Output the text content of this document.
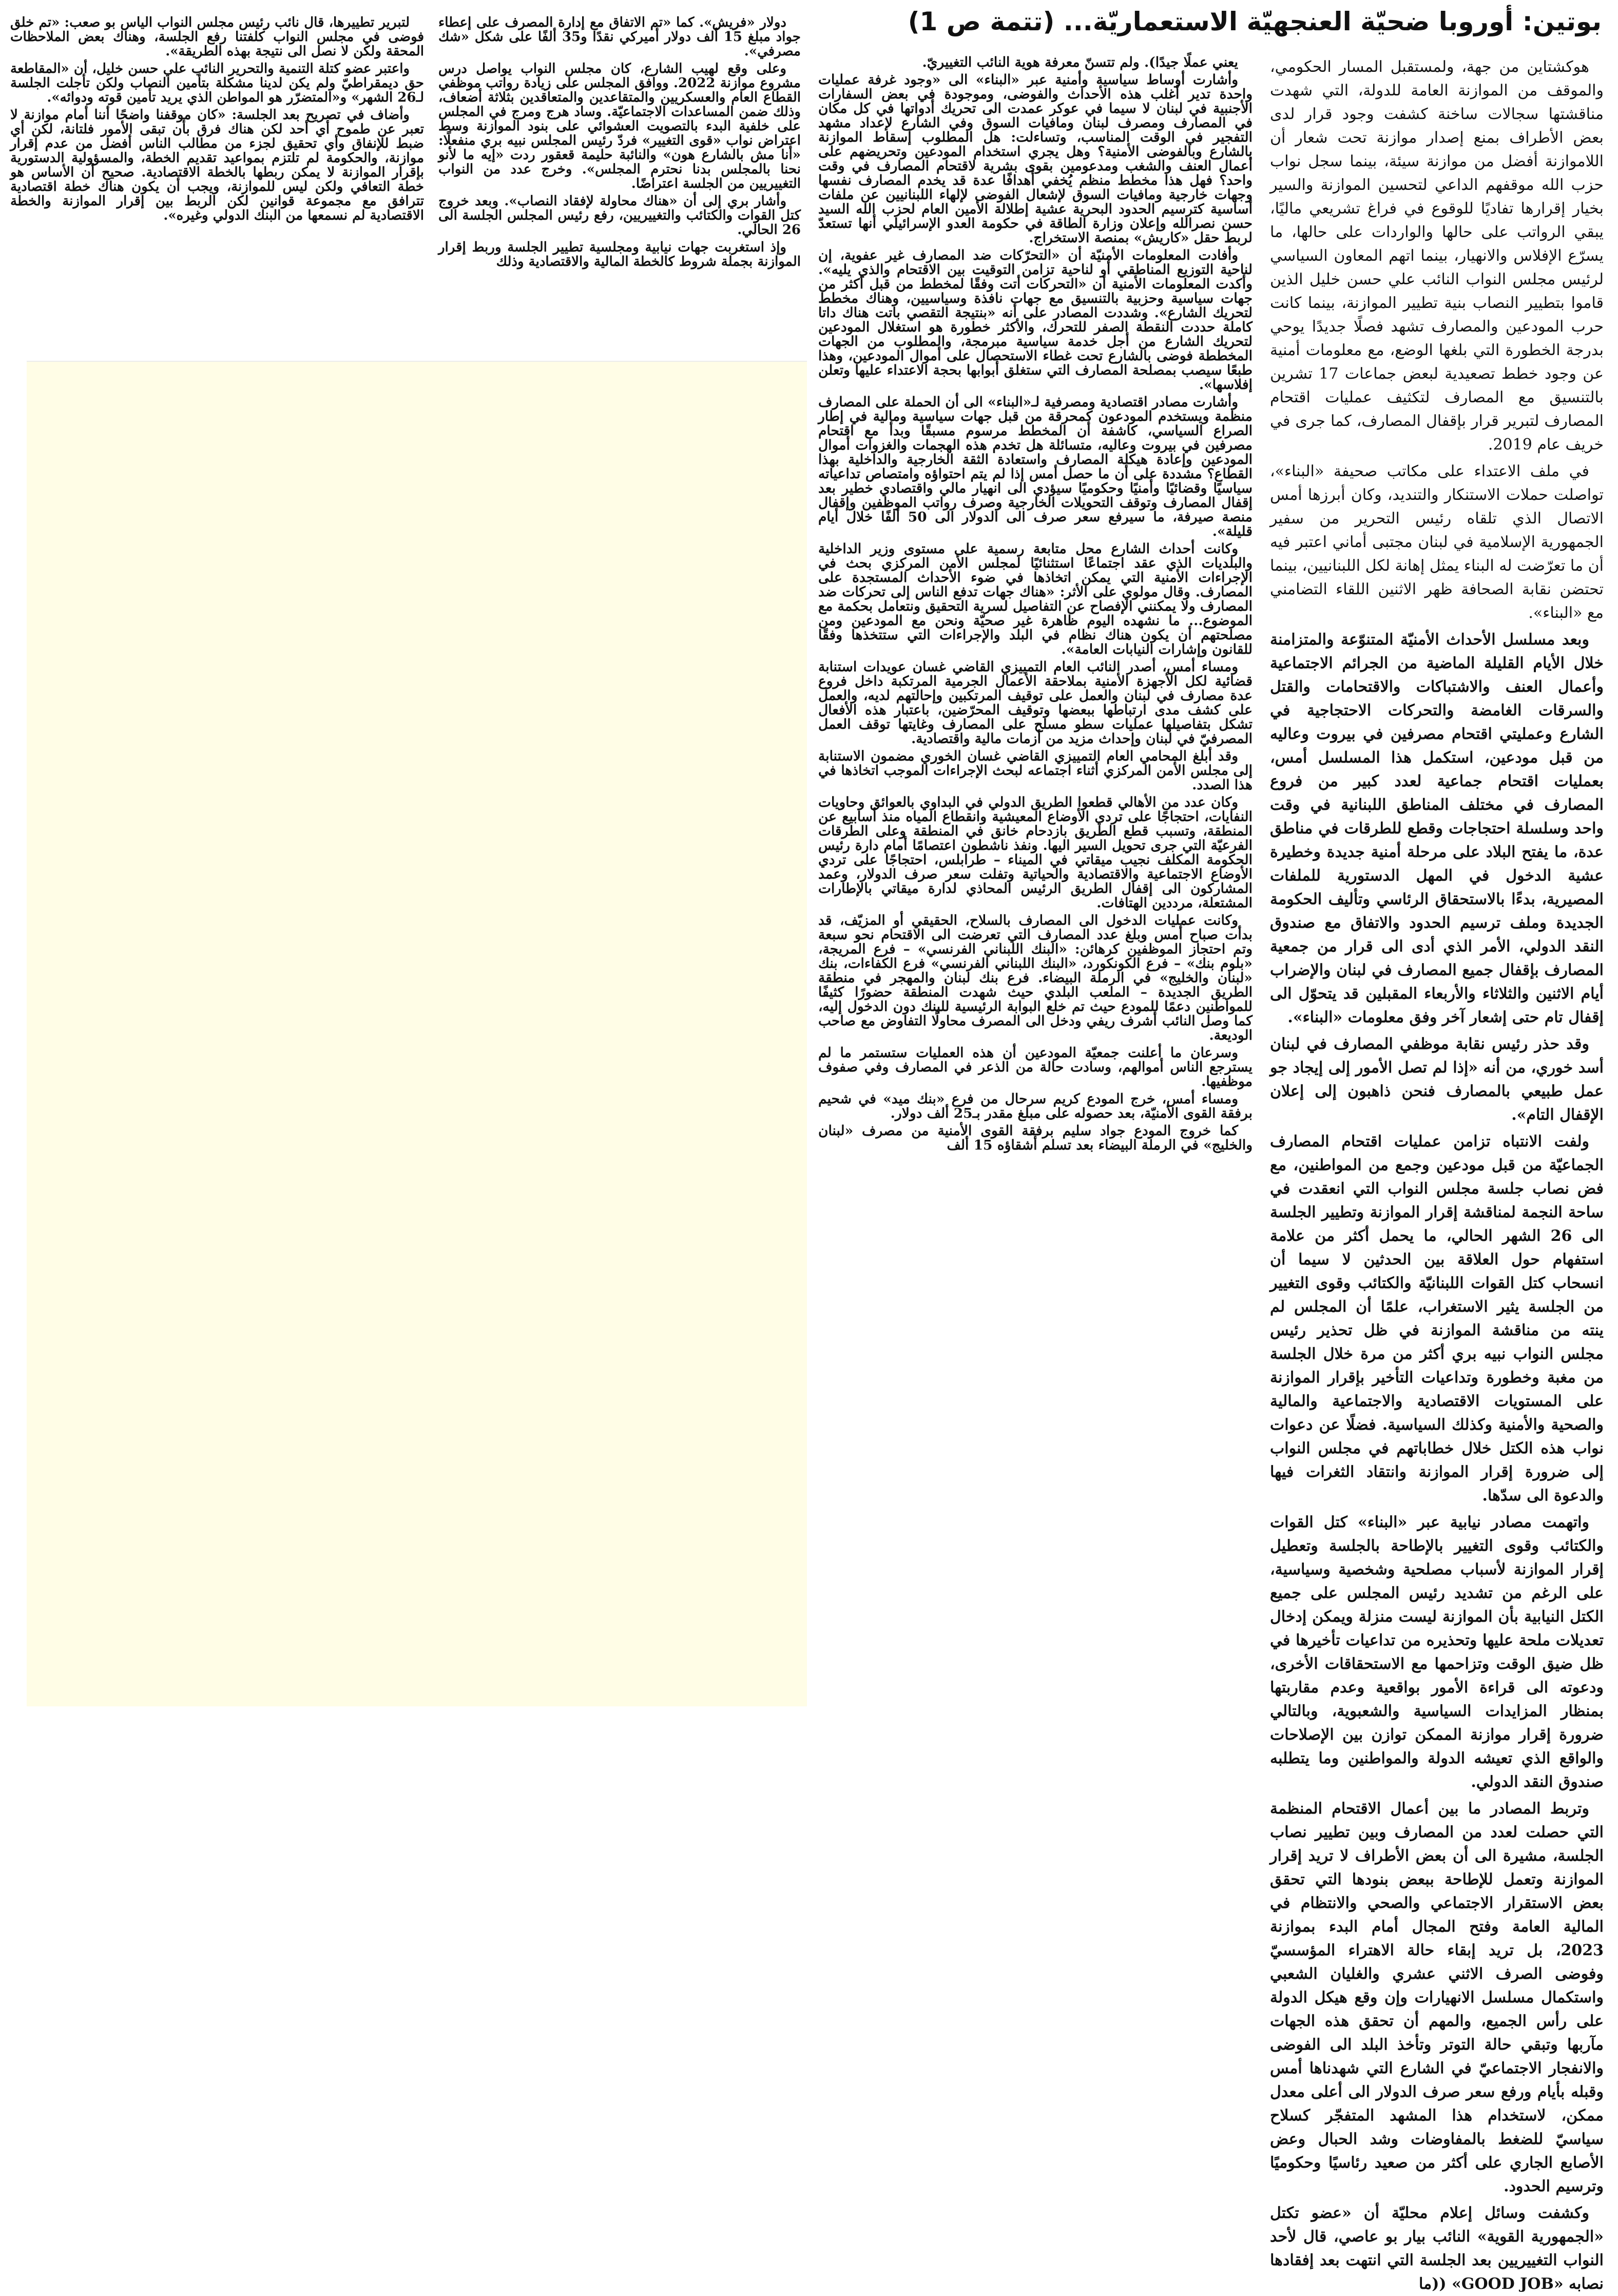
بوتين: أوروبا ضحيّة العنجهيّة الاستعماريّة... (تتمة ص 1)

هوكشتاين من جهة، ولمستقبل المسار الحكومي، والموقف من الموازنة العامة للدولة، التي شهدت مناقشتها سجالات ساخنة كشفت وجود قرار لدى بعض الأطراف بمنع إصدار موازنة تحت شعار أن اللاموازنة أفضل من موازنة سيئة، بينما سجل نواب حزب الله موقفهم الداعي لتحسين الموازنة والسير بخيار إقرارها تفاديًا للوقوع في فراغ تشريعي ماليًا، يبقي الرواتب على حالها والواردات على حالها، ما يسرّع الإفلاس والانهيار، بينما اتهم المعاون السياسي لرئيس مجلس النواب النائب علي حسن خليل الذين قاموا بتطيير النصاب بنية تطيير الموازنة، بينما كانت حرب المودعين والمصارف تشهد فصلًا جديدًا يوحي بدرجة الخطورة التي بلغها الوضع، مع معلومات أمنية عن وجود خطط تصعيدية لبعض جماعات 17 تشرين بالتنسيق مع المصارف لتكثيف عمليات اقتحام المصارف لتبرير قرار بإقفال المصارف، كما جرى في خريف عام 2019.

في ملف الاعتداء على مكاتب صحيفة «البناء»، تواصلت حملات الاستنكار والتنديد، وكان أبرزها أمس الاتصال الذي تلقاه رئيس التحرير من سفير الجمهورية الإسلامية في لبنان مجتبى أماني اعتبر فيه أن ما تعرّضت له البناء يمثل إهانة لكل اللبنانيين، بينما تحتضن نقابة الصحافة ظهر الاثنين اللقاء التضامني مع «البناء».

وبعد مسلسل الأحداث الأمنيّة المتنوّعة والمتزامنة خلال الأيام القليلة الماضية من الجرائم الاجتماعية وأعمال العنف والاشتباكات والاقتحامات والقتل والسرقات الغامضة والتحركات الاحتجاجية في الشارع وعمليتي اقتحام مصرفين في بيروت وعاليه من قبل مودعين، استكمل هذا المسلسل أمس، بعمليات اقتحام جماعية لعدد كبير من فروع المصارف في مختلف المناطق اللبنانية في وقت واحد وسلسلة احتجاجات وقطع للطرقات في مناطق عدة، ما يفتح البلاد على مرحلة أمنية جديدة وخطيرة عشية الدخول في المهل الدستورية للملفات المصيرية، بدءًا بالاستحقاق الرئاسي وتأليف الحكومة الجديدة وملف ترسيم الحدود والاتفاق مع صندوق النقد الدولي، الأمر الذي أدى الى قرار من جمعية المصارف بإقفال جميع المصارف في لبنان والإضراب أيام الاثنين والثلاثاء والأربعاء المقبلين قد يتحوّل الى إقفال تام حتى إشعار آخر وفق معلومات «البناء».

وقد حذر رئيس نقابة موظفي المصارف في لبنان أسد خوري، من أنه «إذا لم تصل الأمور إلى إيجاد جو عمل طبيعي بالمصارف فنحن ذاهبون إلى إعلان الإقفال التام».

ولفت الانتباه تزامن عمليات اقتحام المصارف الجماعيّة من قبل مودعين وجمع من المواطنين، مع فض نصاب جلسة مجلس النواب التي انعقدت في ساحة النجمة لمناقشة إقرار الموازنة وتطيير الجلسة الى 26 الشهر الحالي، ما يحمل أكثر من علامة استفهام حول العلاقة بين الحدثين لا سيما أن انسحاب كتل القوات اللبنانيّة والكتائب وقوى التغيير من الجلسة يثير الاستغراب، علمًا أن المجلس لم ينته من مناقشة الموازنة في ظل تحذير رئيس مجلس النواب نبيه بري أكثر من مرة خلال الجلسة من مغبة وخطورة وتداعيات التأخير بإقرار الموازنة على المستويات الاقتصادية والاجتماعية والمالية والصحية والأمنية وكذلك السياسية. فضلًا عن دعوات نواب هذه الكتل خلال خطاباتهم في مجلس النواب إلى ضرورة إقرار الموازنة وانتقاد الثغرات فيها والدعوة الى سدّها.

واتهمت مصادر نيابية عبر «البناء» كتل القوات والكتائب وقوى التغيير بالإطاحة بالجلسة وتعطيل إقرار الموازنة لأسباب مصلحية وشخصية وسياسية، على الرغم من تشديد رئيس المجلس على جميع الكتل النيابية بأن الموازنة ليست منزلة ويمكن إدخال تعديلات ملحة عليها وتحذيره من تداعيات تأخيرها في ظل ضيق الوقت وتزاحمها مع الاستحقاقات الأخرى، ودعوته الى قراءة الأمور بواقعية وعدم مقاربتها بمنظار المزايدات السياسية والشعبوية، وبالتالي ضرورة إقرار موازنة الممكن توازن بين الإصلاحات والواقع الذي تعيشه الدولة والمواطنين وما يتطلبه صندوق النقد الدولي.

وتربط المصادر ما بين أعمال الاقتحام المنظمة التي حصلت لعدد من المصارف وبين تطيير نصاب الجلسة، مشيرة الى أن بعض الأطراف لا تريد إقرار الموازنة وتعمل للإطاحة ببعض بنودها التي تحقق بعض الاستقرار الاجتماعي والصحي والانتظام في المالية العامة وفتح المجال أمام البدء بموازنة 2023، بل تريد إبقاء حالة الاهتراء المؤسسيّ وفوضى الصرف الاثني عشري والغليان الشعبي واستكمال مسلسل الانهيارات وإن وقع هيكل الدولة على رأس الجميع، والمهم أن تحقق هذه الجهات مآربها وتبقي حالة التوتر وتأخذ البلد الى الفوضى والانفجار الاجتماعيّ في الشارع التي شهدناها أمس وقبله بأيام ورفع سعر صرف الدولار الى أعلى معدل ممكن، لاستخدام هذا المشهد المتفجّر كسلاح سياسيّ للضغط بالمفاوضات وشد الحبال وعض الأصابع الجاري على أكثر من صعيد رئاسيًا وحكوميًا وترسيم الحدود.

وكشفت وسائل إعلام محليّة أن «عضو تكتل «الجمهورية القوية» النائب بيار بو عاصي، قال لأحد النواب التغييريين بعد الجلسة التي انتهت بعد إفقادها نصابه «GOOD JOB» ((ما

يعني عملًا جيدًا). ولم تتسنّ معرفة هوية النائب التغييريّ.

وأشارت أوساط سياسية وأمنية عبر «البناء» الى «وجود غرفة عمليات واحدة تدير أغلب هذه الأحداث والفوضى، وموجودة في بعض السفارات الأجنبية في لبنان لا سيما في عوكر عمدت الى تحريك أدواتها في كل مكان في المصارف ومصرف لبنان ومافيات السوق وفي الشارع لإعداد مشهد التفجير في الوقت المناسب، وتساءلت: هل المطلوب إسقاط الموازنة بالشارع وبالفوضى الأمنية؟ وهل يجري استخدام المودعين وتحريضهم على أعمال العنف والشغب ومدعومين بقوى بشرية لاقتحام المصارف في وقت واحد؟ فهل هذا مخطط منظم يُخفي أهدافًا عدة قد يخدم المصارف نفسها وجهات خارجية ومافيات السوق لإشعال الفوضى لإلهاء اللبنانيين عن ملفات أساسية كترسيم الحدود البحرية عشية إطلالة الأمين العام لحزب الله السيد حسن نصرالله وإعلان وزارة الطاقة في حكومة العدو الإسرائيلي أنها تستعدّ لربط حقل «كاريش» بمنصة الاستخراج.

وأفادت المعلومات الأمنيّة أن «التحرّكات ضد المصارف غير عفوية، إن لناحية التوزيع المناطقي أو لناحية تزامن التوقيت بين الاقتحام والذي يليه». وأكدت المعلومات الأمنية أن «التحركات أتت وفقًا لمخطط من قبل أكثر من جهات سياسية وحزبية بالتنسيق مع جهات نافذة وسياسيين، وهناك مخطط لتحريك الشارع». وشددت المصادر على أنه «بنتيجة التقصي باتت هناك داتا كاملة حددت النقطة الصفر للتحرك، والأكثر خطورة هو استغلال المودعين لتحريك الشارع من أجل خدمة سياسية مبرمجة، والمطلوب من الجهات المخططة فوضى بالشارع تحت غطاء الاستحصال على أموال المودعين، وهذا طبعًا سيصب بمصلحة المصارف التي ستغلق أبوابها بحجة الاعتداء عليها وتعلن إفلاسها».

وأشارت مصادر اقتصادية ومصرفية لـ«البناء» الى أن الحملة على المصارف منظمة ويستخدم المودعون كمحرقة من قبل جهات سياسية ومالية في إطار الصراع السياسي، كاشفة أن المخطط مرسوم مسبقًا وبدأ مع اقتحام مصرفين في بيروت وعاليه، متسائلة هل تخدم هذه الهجمات والغزوات أموال المودعين وإعادة هيكلة المصارف واستعادة الثقة الخارجية والداخلية بهذا القطاع؟ مشددة على أن ما حصل أمس إذا لم يتم احتواؤه وامتصاص تداعياته سياسيًا وقضائيًا وأمنيًا وحكوميًا سيؤدي الى انهيار مالي واقتصادي خطير بعد إقفال المصارف وتوقف التحويلات الخارجية وصرف رواتب الموظفين وإقفال منصة صيرفة، ما سيرفع سعر صرف الى الدولار الى 50 ألفًا خلال أيام قليلة».

وكانت أحداث الشارع محل متابعة رسمية على مستوى وزير الداخلية والبلديات الذي عقد اجتماعًا استثنائيًا لمجلس الأمن المركزي بحث في الإجراءات الأمنية التي يمكن اتخاذها في ضوء الأحداث المستجدة على المصارف. وقال مولوي على الأثر: «هناك جهات تدفع الناس إلى تحركات ضد المصارف ولا يمكنني الإفصاح عن التفاصيل لسرية التحقيق ونتعامل بحكمة مع الموضوع... ما نشهده اليوم ظاهرة غير صحيّة ونحن مع المودعين ومن مصلحتهم أن يكون هناك نظام في البلد والإجراءات التي ستتخذها وفقًا للقانون وإشارات النيابات العامة».

ومساء أمس، أصدر النائب العام التمييزي القاضي غسان عويدات استنابة قضائية لكل الأجهزة الأمنية بملاحقة الأعمال الجرمية المرتكبة داخل فروع عدة مصارف في لبنان والعمل على توقيف المرتكبين وإحالتهم لديه، والعمل على كشف مدى ارتباطها ببعضها وتوقيف المحرّضين، باعتبار هذه الأفعال تشكل بتفاصيلها عمليات سطو مسلح على المصارف وغايتها توقف العمل المصرفيّ في لبنان وإحداث مزيد من أزمات مالية واقتصادية.

وقد أبلغ المحامي العام التمييزي القاضي غسان الخوري مضمون الاستنابة إلى مجلس الأمن المركزي أثناء اجتماعه لبحث الإجراءات الموجب اتخاذها في هذا الصدد.

وكان عدد من الأهالي قطعوا الطريق الدولي في البداوي بالعوائق وحاويات النفايات، احتجاجًا على تردي الأوضاع المعيشية وانقطاع المياه منذ أسابيع عن المنطقة، وتسبب قطع الطريق بازدحام خانق في المنطقة وعلى الطرقات الفرعيّة التي جرى تحويل السير اليها. ونفذ ناشطون اعتصامًا أمام دارة رئيس الحكومة المكلف نجيب ميقاتي في الميناء – طرابلس، احتجاجًا على تردي الأوضاع الاجتماعية والاقتصادية والحياتية وتفلت سعر صرف الدولار، وعمد المشاركون الى إقفال الطريق الرئيس المحاذي لدارة ميقاتي بالإطارات المشتعلة، مرددين الهتافات.

وكانت عمليات الدخول الى المصارف بالسلاح، الحقيقي أو المزيّف، قد بدأت صباح أمس وبلغ عدد المصارف التي تعرضت الى الاقتحام نحو سبعة وتم احتجاز الموظفين كرهائن: «البنك اللبناني الفرنسي» – فرع المريجة، «بلوم بنك» – فرع الكونكورد، «البنك اللبناني الفرنسي» فرع الكفاءات، بنك «لبنان والخليج» في الرملة البيضاء. فرع بنك لبنان والمهجر في منطقة الطريق الجديدة – الملعب البلدي حيث شهدت المنطقة حضورًا كثيفًا للمواطنين دعمًا للمودع حيث تم خلع البوابة الرئيسية للبنك دون الدخول إليه، كما وصل النائب أشرف ريفي ودخل الى المصرف محاولًا التفاوض مع صاحب الوديعة.

وسرعان ما أعلنت جمعيّة المودعين أن هذه العمليات ستستمر ما لم يسترجع الناس أموالهم، وسادت حالة من الذعر في المصارف وفي صفوف موظفيها.

ومساء أمس، خرج المودع كريم سرحال من فرع «بنك ميد» في شحيم برفقة القوى الأمنيّة، بعد حصوله على مبلغ مقدر بـ25 ألف دولار.

كما خروج المودع جواد سليم برفقة القوى الأمنية من مصرف «لبنان والخليج» في الرملة البيضاء بعد تسلم أشقاؤه 15 ألف

دولار «فريش». كما «تم الاتفاق مع إدارة المصرف على إعطاء جواد مبلغ 15 ألف دولار أميركي نقدًا و35 ألفًا على شكل «شك مصرفي».

وعلى وقع لهيب الشارع، كان مجلس النواب يواصل درس مشروع موازنة 2022. ووافق المجلس على زيادة رواتب موظفي القطاع العام والعسكريين والمتقاعدين والمتعاقدين بثلاثة أضعاف، وذلك ضمن المساعدات الاجتماعيّة. وساد هرج ومرج في المجلس على خلفية البدء بالتصويت العشوائي على بنود الموازنة وسط اعتراض نواب «قوى التغيير» فردّ رئيس المجلس نبيه بري منفعلًا: «أنا مش بالشارع هون» والنائبة حليمة قعقور ردت «إيه ما لأنو نحنا بالمجلس بدنا نحترم المجلس». وخرج عدد من النواب التغييريين من الجلسة اعتراضًا.

وأشار بري إلى أن «هناك محاولة لإفقاد النصاب». وبعد خروج كتل القوات والكتائب والتغييريين، رفع رئيس المجلس الجلسة الى 26 الحالي.

وإذ استغربت جهات نيابية ومجلسية تطيير الجلسة وربط إقرار الموازنة بجملة شروط كالخطة المالية والاقتصادية وذلك

لتبرير تطييرها، قال نائب رئيس مجلس النواب الياس بو صعب: «تم خلق فوضى في مجلس النواب كلفتنا رفع الجلسة، وهناك بعض الملاحظات المحقة ولكن لا نصل الى نتيجة بهذه الطريقة».

واعتبر عضو كتلة التنمية والتحرير النائب علي حسن خليل، أن «المقاطعة حق ديمقراطيّ ولم يكن لدينا مشكلة بتأمين النصاب ولكن تأجلت الجلسة لـ26 الشهر» و«المتضرّر هو المواطن الذي يريد تأمين قوته ودوائه».

وأضاف في تصريح بعد الجلسة: «كان موقفنا واضحًا أننا أمام موازنة لا تعبر عن طموح أي أحد لكن هناك فرق بأن تبقى الأمور فلتانة، لكن أي ضبط للإنفاق وأي تحقيق لجزء من مطالب الناس أفضل من عدم إقرار موازنة، والحكومة لم تلتزم بمواعيد تقديم الخطة، والمسؤولية الدستورية بإقرار الموازنة لا يمكن ربطها بالخطة الاقتصادية. صحيح أن الأساس هو خطة التعافي ولكن ليس للموازنة، ويجب أن يكون هناك خطة اقتصادية تترافق مع مجموعة قوانين لكن الربط بين إقرار الموازنة والخطة الاقتصادية لم نسمعها من البنك الدولي وغيره».
